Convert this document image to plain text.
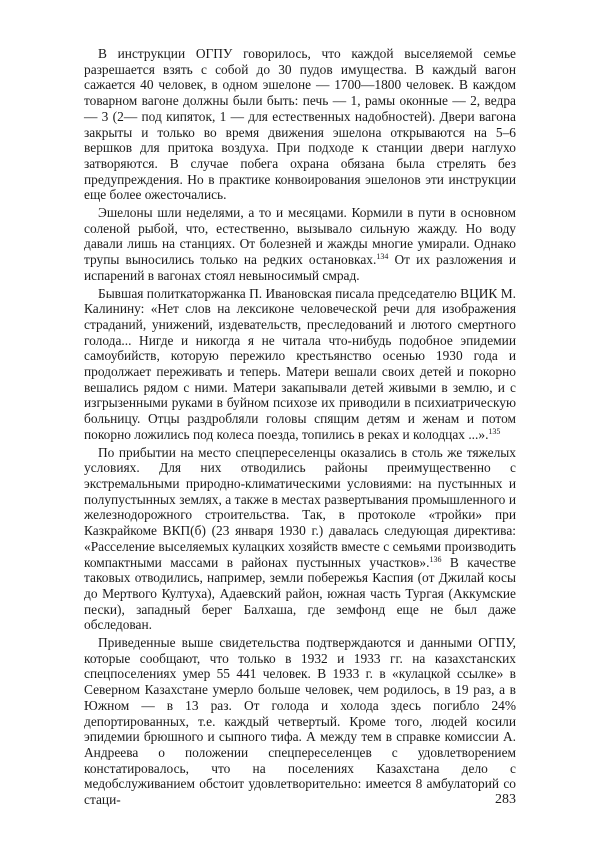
В инструкции ОГПУ говорилось, что каждой выселяемой семье разрешается взять с собой до 30 пудов имущества. В каждый вагон сажается 40 человек, в одном эшелоне — 1700—1800 человек. В каждом товарном вагоне должны были быть: печь — 1, рамы оконные — 2, ведра — 3 (2— под кипяток, 1 — для естественных надобностей). Двери вагона закрыты и только во время движения эшелона открываются на 5–6 вершков для притока воздуха. При подходе к станции двери наглухо затворяются. В случае побега охрана обязана была стрелять без предупреждения. Но в практике конвоирования эшелонов эти инструкции еще более ожесточались.

Эшелоны шли неделями, а то и месяцами. Кормили в пути в основном соленой рыбой, что, естественно, вызывало сильную жажду. Но воду давали лишь на станциях. От болезней и жажды многие умирали. Однако трупы выносились только на редких остановках.$^{134}$ От их разложения и испарений в вагонах стоял невыносимый смрад.

Бывшая политкаторжанка П. Ивановская писала председателю ВЦИК М. Калинину: «Нет слов на лексиконе человеческой речи для изображения страданий, унижений, издевательств, преследований и лютого смертного голода... Нигде и никогда я не читала что-нибудь подобное эпидемии самоубийств, которую пережило крестьянство осенью 1930 года и продолжает переживать и теперь. Матери вешали своих детей и покорно вешались рядом с ними. Матери закапывали детей живыми в землю, и с изгрызенными руками в буйном психозе их приводили в психиатрическую больницу. Отцы раздробляли головы спящим детям и женам и потом покорно ложились под колеса поезда, топились в реках и колодцах ...».$^{135}$

По прибытии на место спецпереселенцы оказались в столь же тяжелых условиях. Для них отводились районы преимущественно с экстремальными природно-климатическими условиями: на пустынных и полупустынных землях, а также в местах развертывания промышленного и железнодорожного строительства. Так, в протоколе «тройки» при Казкрайкоме ВКП(б) (23 января 1930 г.) давалась следующая директива: «Расселение выселяемых кулацких хозяйств вместе с семьями производить компактными массами в районах пустынных участков».$^{136}$ В качестве таковых отводились, например, земли побережья Каспия (от Джилай косы до Мертвого Култуха), Адаевский район, южная часть Тургая (Аккумские пески), западный берег Балхаша, где земфонд еще не был даже обследован.

Приведенные выше свидетельства подтверждаются и данными ОГПУ, которые сообщают, что только в 1932 и 1933 гг. на казахстанских спецпоселениях умер 55 441 человек. В 1933 г. в «кулацкой ссылке» в Северном Казахстане умерло больше человек, чем родилось, в 19 раз, а в Южном — в 13 раз. От голода и холода здесь погибло 24% депортированных, т.е. каждый четвертый. Кроме того, людей косили эпидемии брюшного и сыпного тифа. А между тем в справке комиссии А. Андреева о положении спецпереселенцев с удовлетворением констатировалось, что на поселениях Казахстана дело с медобслуживанием обстоит удовлетворительно: имеется 8 амбулаторий со стаци-	283
